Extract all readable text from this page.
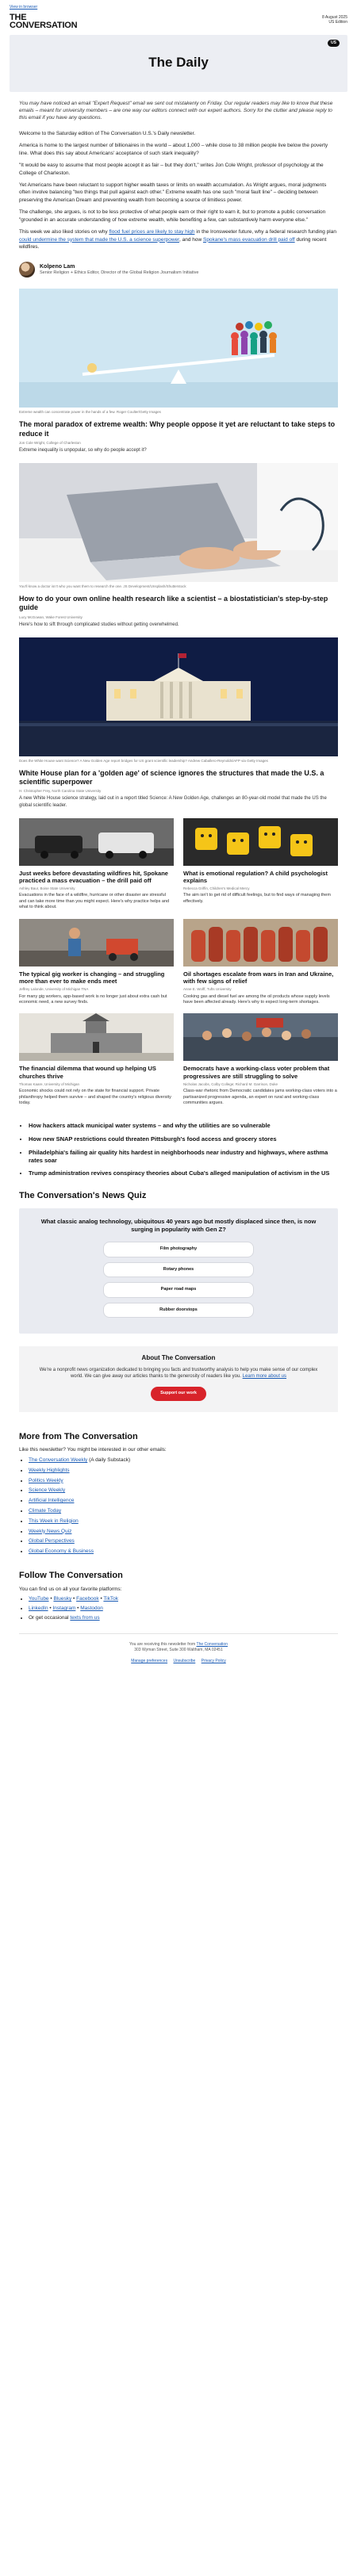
View in browser
THE
CONVERSATION
8 August 2025
US Edition
The Daily
US
You may have noticed an email "Expert Request" email we sent out mistakenly on Friday. Our regular readers may like to know that these emails – meant for university members – are one way our editors connect with our expert authors. Sorry for the clutter and please reply to this email if you have any questions.

Welcome to the Saturday edition of The Conversation U.S.'s Daily newsletter.

America is home to the largest number of billionaires in the world – about 1,000 – while close to 38 million people live below the poverty line. What does this say about Americans' acceptance of such stark inequality?

"It would be easy to assume that most people accept it as fair – but they don't," writes Jon Cole Wright, professor of psychology at the College of Charleston.

Yet Americans have been reluctant to support higher wealth taxes or limits on wealth accumulation. As Wright argues, moral judgments often involve balancing "two things that pull against each other." Extreme wealth has one such "moral fault line" – deciding between preserving the American Dream and preventing wealth from becoming a source of limitless power.

The challenge, she argues, is not to be less protective of what people earn or their right to earn it, but to promote a public conversation "grounded in an accurate understanding of how extreme wealth, while benefiting a few, can substantively harm everyone else."

This week we also liked stories on why flood fuel prices are likely to stay high in the Ironsweeter future, why a federal research funding plan could undermine the system that made the U.S. a science superpower, and how Spokane's mass evacuation drill paid off during recent wildfires.

Kolpeno Lam
Senior Religion + Ethics Editor, Director of the Global Religion Journalism Initiative
Extreme wealth can concentrate power in the hands of a few. Roger Coulter/Getty Images
The moral paradox of extreme wealth: Why people oppose it yet are reluctant to take steps to reduce it
Jon Cole Wright, College of Charleston
Extreme inequality is unpopular, so why do people accept it?
You'll know a doctor isn't who you want them to research the one. JS Development/Unsplash/Shutterstock
How to do your own online health research like a scientist – a biostatistician's step-by-step guide
Lucy McGowan, Wake Forest University
Here's how to sift through complicated studies without getting overwhelmed.
Does the White House want Science? A New Golden Age report bridges for US grant scientific leadership? Andrew Caballero-Reynolds/AFP via Getty Images
White House plan for a 'golden age' of science ignores the structures that made the U.S. a scientific superpower
H. Christopher Frey, North Carolina State University
A new White House science strategy, laid out in a report titled Science: A New Golden Age, challenges an 80-year-old model that made the US the global scientific leader.
Just weeks before devastating wildfires hit, Spokane practiced a mass evacuation – the drill paid off
Ashley Baur, Boise State University
Evacuations in the face of a wildfire, hurricane or other disaster are stressful and can take more time than you might expect. Here's why practice helps and what to think about.
What is emotional regulation? A child psychologist explains
Rebecca Griffin, Children's Medical Mercy
The aim isn't to get rid of difficult feelings, but to find ways of managing them effectively.
The typical gig worker is changing – and struggling more than ever to make ends meet
Jeffrey Lalonde, University of Michigan TNA
For many gig workers, app-based work is no longer just about extra cash but economic need, a new survey finds.
Oil shortages escalate from wars in Iran and Ukraine, with few signs of relief
Anne E. Wolff, Tufts University
Cooking gas and diesel fuel are among the oil products whose supply levels have been affected already. Here's why to expect long-term shortages.
The financial dilemma that wound up helping US churches thrive
Thomas Kaare, University of Michigan
Economic shocks could not rely on the state for financial support. Private philanthropy helped them survive – and shaped the country's religious diversity today.
Democrats have a working-class voter problem that progressives are still struggling to solve
Nicholas Jacobs, Colby College; Richard M. Garrison, Duke
Class-war rhetoric from Democratic candidates jams working-class voters into a partisanized progressive agenda, an expert on rural and working-class communities argues.
• How hackers attack municipal water systems – and why the utilities are so vulnerable
• How new SNAP restrictions could threaten Pittsburgh's food access and grocery stores
• Philadelphia's failing air quality hits hardest in neighborhoods near industry and highways, where asthma rates soar
• Trump administration revives conspiracy theories about Cuba's alleged manipulation of activism in the US
The Conversation's News Quiz
What classic analog technology, ubiquitous 40 years ago but mostly displaced since then, is now surging in popularity with Gen Z?
Film photography
Rotary phones
Paper road maps
Rubber doorstops
About The Conversation

We're a nonprofit news organization dedicated to bringing you facts and trustworthy analysis to help you make sense of our complex world. We can give away our articles thanks to the generosity of readers like you. Learn more about us

Support our work
More from The Conversation
Like this newsletter? You might be interested in our other emails:
• The Conversation Weekly (A daily Substack)
• Weekly Highlights
• Politics Weekly
• Science Weekly
• Artificial Intelligence
• Climate Today
• This Week in Religion
• Weekly News Quiz
• Global Perspectives
• Global Economy & Business
Follow The Conversation
You can find us on all your favorite platforms:
• YouTube • Bluesky • Facebook • TikTok
• LinkedIn • Instagram • Mastodon
• Or get occasional texts from us
You are receiving this newsletter from The Conversation
303 Wyman Street, Suite 300 Waltham, MA 02451
Manage preferences Unsubscribe Privacy Policy
